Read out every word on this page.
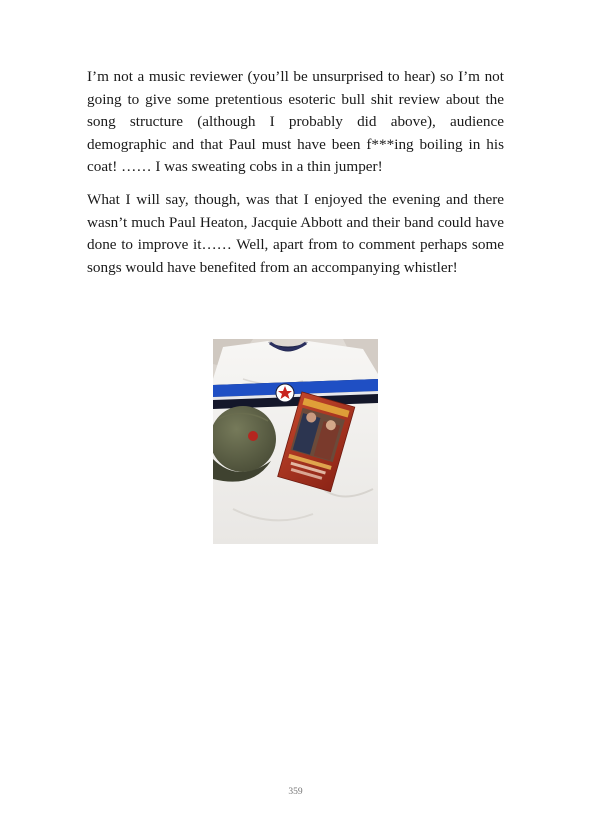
I’m not a music reviewer (you’ll be unsurprised to hear) so I’m not going to give some pretentious esoteric bull shit review about the song structure (although I probably did above), audience demographic and that Paul must have been f***ing boiling in his coat! …… I was sweating cobs in a thin jumper!

What I will say, though, was that I enjoyed the evening and there wasn’t much Paul Heaton, Jacquie Abbott and their band could have done to improve it…… Well, apart from to comment perhaps some songs would have benefited from an accompanying whistler!

359
